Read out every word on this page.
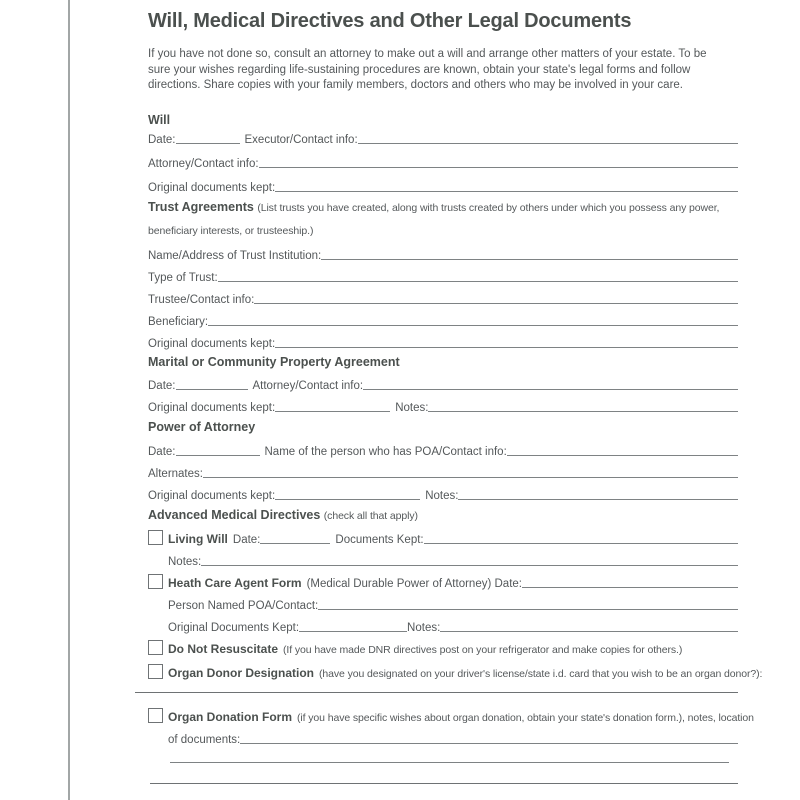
Will, Medical Directives and Other Legal Documents

If you have not done so, consult an attorney to make out a will and arrange other matters of your estate. To be sure your wishes regarding life-sustaining procedures are known, obtain your state's legal forms and follow directions. Share copies with your family members, doctors and others who may be involved in your care.

Will
Date:	Executor/Contact info:
Attorney/Contact info:
Original documents kept:
Trust Agreements (List trusts you have created, along with trusts created by others under which you possess any power,
beneficiary interests, or trusteeship.)
Name/Address of Trust Institution:
Type of Trust:
Trustee/Contact info:
Beneficiary:
Original documents kept:
Marital or Community Property Agreement
Date:	Attorney/Contact info:
Original documents kept:	Notes:
Power of Attorney
Date:	Name of the person who has POA/Contact info:
Alternates:
Original documents kept:	Notes:
Advanced Medical Directives (check all that apply)
Living Will Date:	Documents Kept:
Notes:
Heath Care Agent Form (Medical Durable Power of Attorney) Date:
Person Named POA/Contact:
Original Documents Kept:	Notes:
Do Not Resuscitate (If you have made DNR directives post on your refrigerator and make copies for others.)
Organ Donor Designation (have you designated on your driver's license/state i.d. card that you wish to be an organ donor?):
Organ Donation Form (if you have specific wishes about organ donation, obtain your state's donation form.), notes, location
of documents:
